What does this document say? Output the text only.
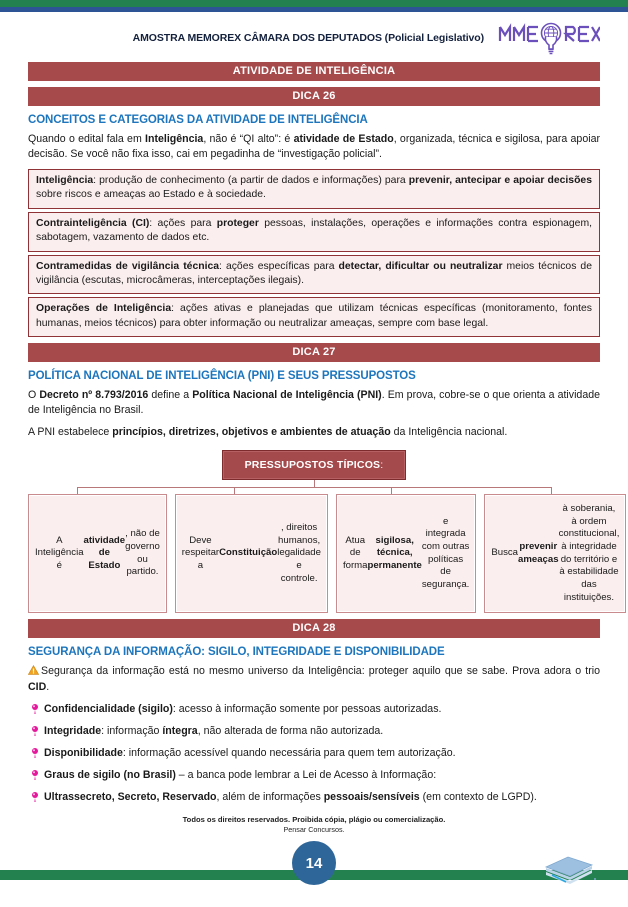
AMOSTRA MEMOREX CÂMARA DOS DEPUTADOS (Policial Legislativo)
ATIVIDADE DE INTELIGÊNCIA
DICA 26
CONCEITOS E CATEGORIAS DA ATIVIDADE DE INTELIGÊNCIA

Quando o edital fala em Inteligência, não é “QI alto”: é atividade de Estado, organizada, técnica e sigilosa, para apoiar decisão. Se você não fixa isso, cai em pegadinha de “investigação policial”.

Inteligência: produção de conhecimento (a partir de dados e informações) para prevenir, antecipar e apoiar decisões sobre riscos e ameaças ao Estado e à sociedade.
Contrainteligência (CI): ações para proteger pessoas, instalações, operações e informações contra espionagem, sabotagem, vazamento de dados etc.
Contramedidas de vigilância técnica: ações específicas para detectar, dificultar ou neutralizar meios técnicos de vigilância (escutas, microcâmeras, interceptações ilegais).
Operações de Inteligência: ações ativas e planejadas que utilizam técnicas específicas (monitoramento, fontes humanas, meios técnicos) para obter informação ou neutralizar ameaças, sempre com base legal.
DICA 27
POLÍTICA NACIONAL DE INTELIGÊNCIA (PNI) E SEUS PRESSUPOSTOS

O Decreto nº 8.793/2016 define a Política Nacional de Inteligência (PNI). Em prova, cobre-se o que orienta a atividade de Inteligência no Brasil.

A PNI estabelece princípios, diretrizes, objetivos e ambientes de atuação da Inteligência nacional.

PRESSUPOSTOS TÍPICOS:
A Inteligência é
atividade de Estado
, não de governo ou partido.
Deve respeitar a
Constituição
, direitos humanos, legalidade e controle.
Atua de forma
sigilosa, técnica, permanente
e integrada com outras políticas de segurança.
Busca
prevenir ameaças
à soberania, à ordem constitucional, à integridade do território e à estabilidade das instituições.
DICA 28
SEGURANÇA DA INFORMAÇÃO: SIGILO, INTEGRIDADE E DISPONIBILIDADE
Segurança da informação está no mesmo universo da Inteligência: proteger aquilo que se sabe. Prova adora o trio CID.
Confidencialidade (sigilo): acesso à informação somente por pessoas autorizadas.
Integridade: informação íntegra, não alterada de forma não autorizada.
Disponibilidade: informação acessível quando necessária para quem tem autorização.
Graus de sigilo (no Brasil) – a banca pode lembrar a Lei de Acesso à Informação:
Ultrassecreto, Secreto, Reservado, além de informações pessoais/sensíveis (em contexto de LGPD).
Todos os direitos reservados. Proibida cópia, plágio ou comercialização.
Pensar Concursos.
14
